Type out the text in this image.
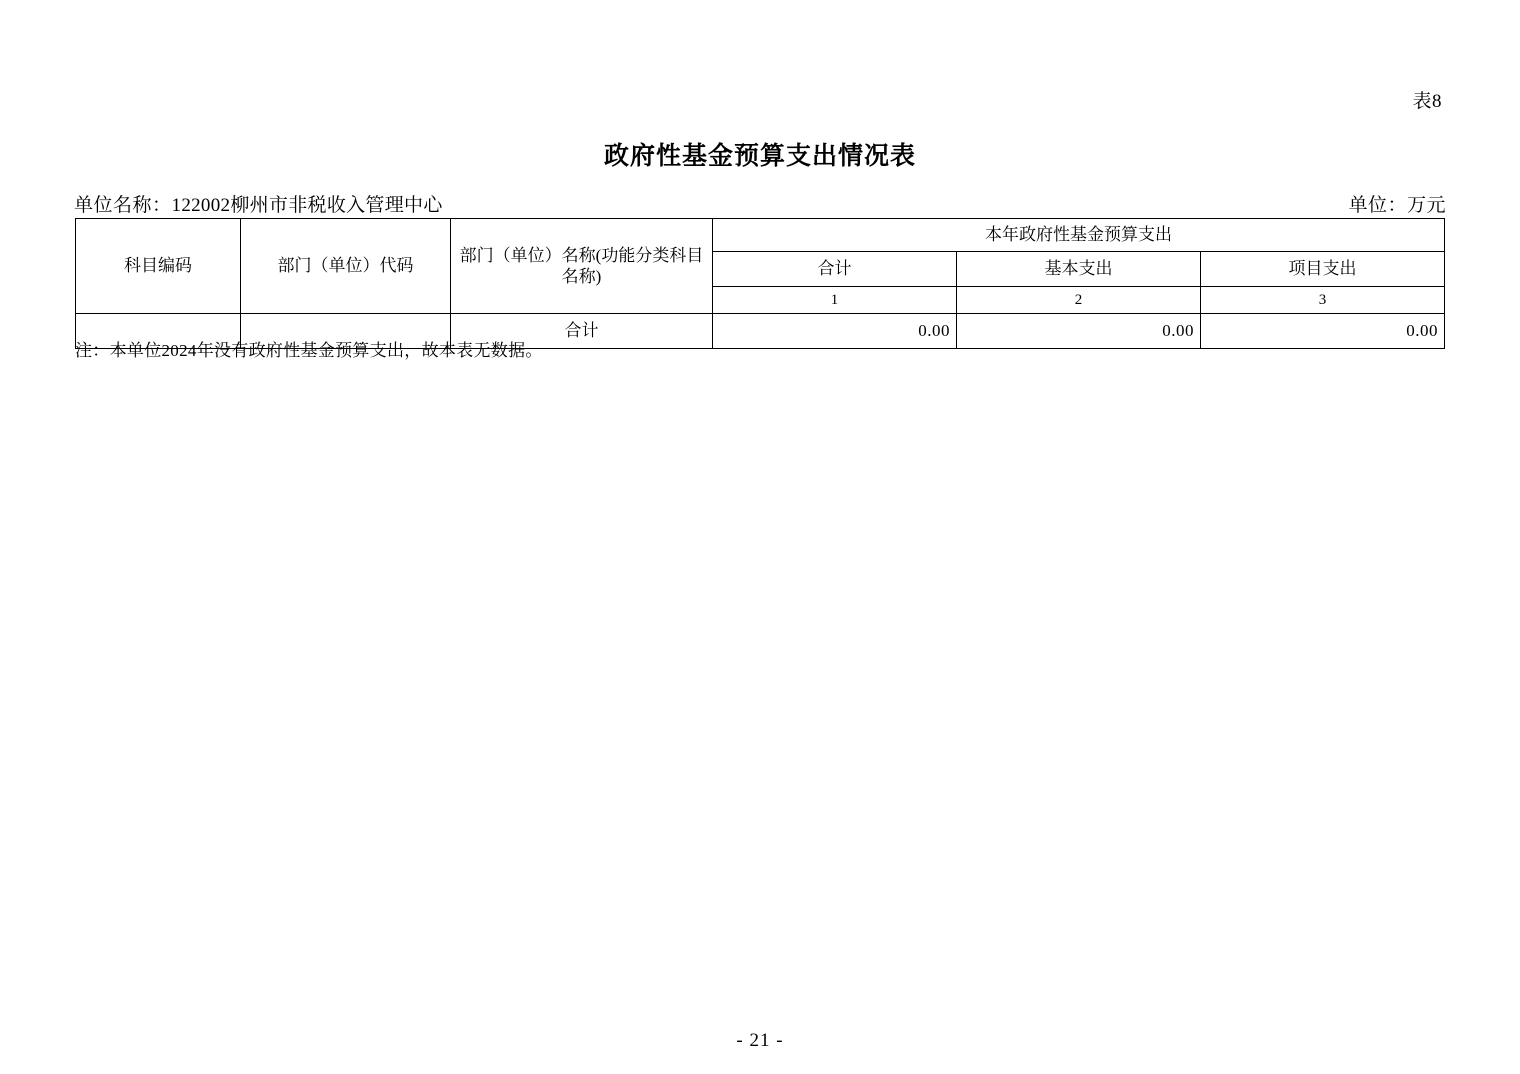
表8
政府性基金预算支出情况表
单位名称：122002柳州市非税收入管理中心	单位：万元
科目编码	部门（单位）代码	部门（单位）名称(功能分类科目名称)	本年政府性基金预算支出		
			合计	基本支出	项目支出
			1	2	3
		合计	0.00	0.00	0.00
注：本单位2024年没有政府性基金预算支出，故本表无数据。
- 21 -
